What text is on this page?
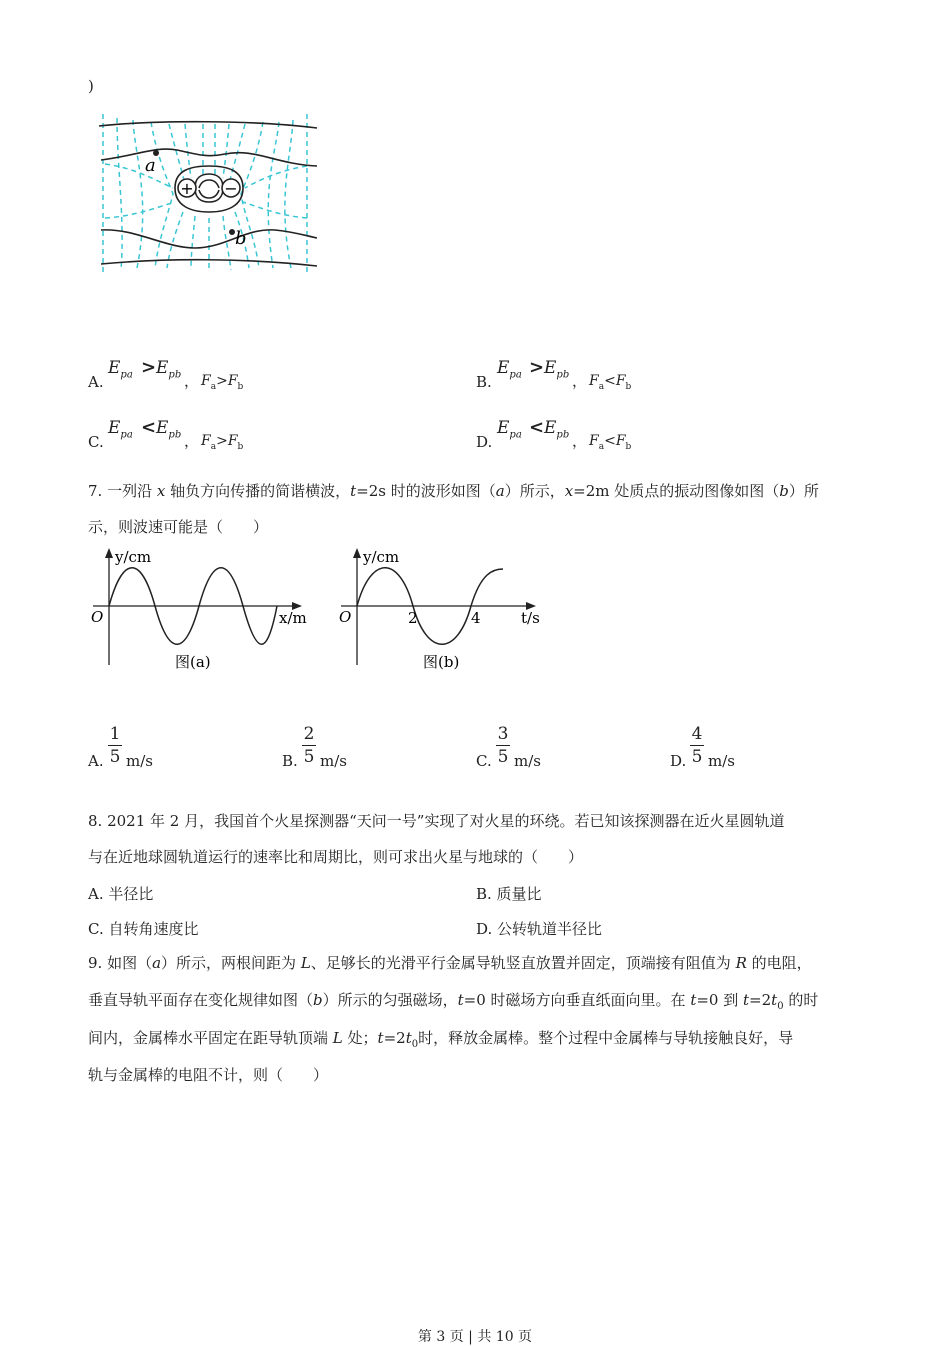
)
+ −
a
b
A.
$E_{pa} > E_{pb}$ ， $F_a>F_b$	B.
$E_{pa} > E_{pb}$ ， $F_a<F_b$
C.
$E_{pa} < E_{pb}$ ， $F_a>F_b$	D.
$E_{pa} < E_{pb}$ ， $F_a<F_b$
7. 一列沿 x 轴负方向传播的简谐横波，t=2s 时的波形如图（a）所示，x=2m 处质点的振动图像如图（b）所
示，则波速可能是（　　）
y/cm
O	x/m
图(a)
y/cm
O	2	4	t/s
图(b)
A.
1
5 m/s	B.
2
5 m/s	C.
3
5 m/s	D.
4
5 m/s
8. 2021 年 2 月，我国首个火星探测器“天问一号”实现了对火星的环绕。若已知该探测器在近火星圆轨道
与在近地球圆轨道运行的速率比和周期比，则可求出火星与地球的（　　）
A. 半径比	B. 质量比
C. 自转角速度比	D. 公转轨道半径比
9. 如图（a）所示，两根间距为 L、足够长的光滑平行金属导轨竖直放置并固定，顶端接有阻值为 R 的电阻，
垂直导轨平面存在变化规律如图（b）所示的匀强磁场，t=0 时磁场方向垂直纸面向里。在 t=0 到 $t=2t_0$ 的时
间内，金属棒水平固定在距导轨顶端 L 处；$t=2t_0$时，释放金属棒。整个过程中金属棒与导轨接触良好，导
轨与金属棒的电阻不计，则（　　）
第 3 页 | 共 10 页
